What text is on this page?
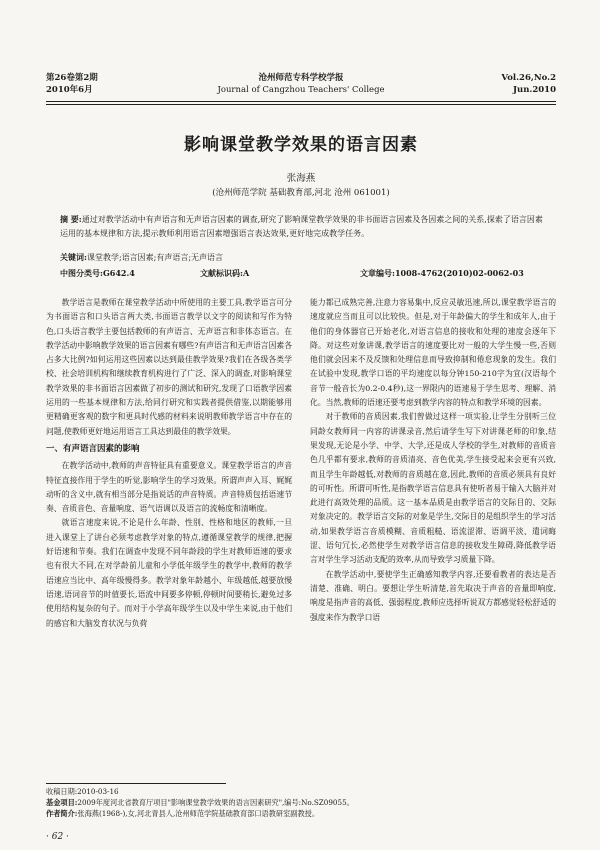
第26卷第2期
2010年6月
沧州师范专科学校学报
Journal of Cangzhou Teachers' College
Vol.26,No.2
Jun.2010
影响课堂教学效果的语言因素
张海燕
(沧州师范学院 基础教育部,河北 沧州 061001)
摘 要:通过对教学活动中有声语言和无声语言因素的调查,研究了影响课堂教学效果的非书面语言因素及各因素之间的关系,探索了语言因素运用的基本规律和方法,提示教师利用语言因素增强语言表达效果,更好地完成教学任务。
关键词:课堂教学;语言因素;有声语言;无声语言
中图分类号:G642.4	文献标识码:A	文章编号:1008-4762(2010)02-0062-03

教学语言是教师在课堂教学活动中所使用的主要工具,教学语言可分为书面语言和口头语言两大类,书面语言教学以文字的阅读和写作为特色,口头语言教学主要包括教师的有声语言、无声语言和非体态语言。在教学活动中影响教学效果的语言因素有哪些?有声语言和无声语言因素各占多大比例?如何运用这些因素以达到最佳教学效果?我们在各级各类学校、社会培训机构和继续教育机构进行了广泛、深入的调查,对影响课堂教学效果的非书面语言因素做了初步的测试和研究,发现了口语教学因素运用的一些基本规律和方法,给同行研究和实践者提供借鉴,以期能够用更精确更客观的数字和更具时代感的材料来说明教师教学语言中存在的问题,使教师更好地运用语言工具达到最佳的教学效果。

一、有声语言因素的影响

在教学活动中,教师的声音特征具有重要意义。课堂教学语言的声音特征直接作用于学生的听觉,影响学生的学习效果。所谓声声入耳、娓娓动听的含义中,就有相当部分是指说话的声音特质。声音特质包括语速节奏、音质音色、音量响度、语气语调以及语言的流畅度和清晰度。

就语言速度来说,不论是什么年龄、性别、性格和地区的教师,一旦进入课堂上了讲台必须考虑教学对象的特点,遵循课堂教学的规律,把握好语速和节奏。我们在调查中发现不同年龄段的学生对教师语速的要求也有很大不同,在对学龄前儿童和小学低年级学生的教学中,教师的教学语速应当比中、高年级慢得多。教学对象年龄越小、年级越低,越要放慢语速,语词音节的时值要长,语流中间要多停顿,停顿时间要稍长,避免过多使用结构复杂的句子。而对于小学高年级学生以及中学生来说,由于他们的感官和大脑发育状况与负荷

能力都已成熟完善,注意力容易集中,反应灵敏迅速,所以,课堂教学语言的速度就应当而且可以比较快。但是,对于年龄偏大的学生和成年人,由于他们的身体器官已开始老化,对语言信息的接收和处理的速度会逐年下降。对这些对象讲课,教学语言的速度要比对一般的大学生慢一些,否则他们就会因来不及反馈和处理信息而导致抑制和倦怠现象的发生。我们在试验中发现,教学口语的平均速度以每分钟150-210字为宜(汉语每个音节一般音长为0.2-0.4秒),这一界限内的语速易于学生思考、理解、消化。当然,教师的语速还要考虑到教学内容的特点和教学环境的因素。

对于教师的音质因素,我们曾做过这样一项实验,让学生分别听三位同龄女教师同一内容的讲课录音,然后请学生写下对讲课老师的印象,结果发现,无论是小学、中学、大学,还是成人学校的学生,对教师的音质音色几乎都有要求,教师的音质清亮、音色优美,学生接受起来会更有兴致,而且学生年龄越低,对教师的音质越在意,因此,教师的音质必须具有良好的可听性。所谓可听性,是指教学语言信息具有使听者易于输入大脑并对此进行高效处理的品质。这一基本品质是由教学语言的交际目的、交际对象决定的。教学语言交际的对象是学生,交际目的是组织学生的学习活动,如果教学语言音质模糊、音质粗糙、语流涩滞、语调平淡、遣词晦涩、语句冗长,必然使学生对教学语言信息的接收发生障碍,降低教学语言对学生学习活动支配的效率,从而导致学习质量下降。

在教学活动中,要使学生正确感知教学内容,还要看教者的表达是否清楚、准确、明白。要想让学生听清楚,首先取决于声音的音量即响度,响度是指声音的高低、强弱程度,教师应选择听说双方都感觉轻松舒适的强度来作为教学口语

收稿日期:2010-03-16
基金项目:2009年度河北省教育厅项目"影响课堂教学效果的语言因素研究",编号:No.SZ09055。
作者简介:张海燕(1968-),女,河北青县人,沧州师范学院基础教育部口语教研室副教授。
· 62 ·
